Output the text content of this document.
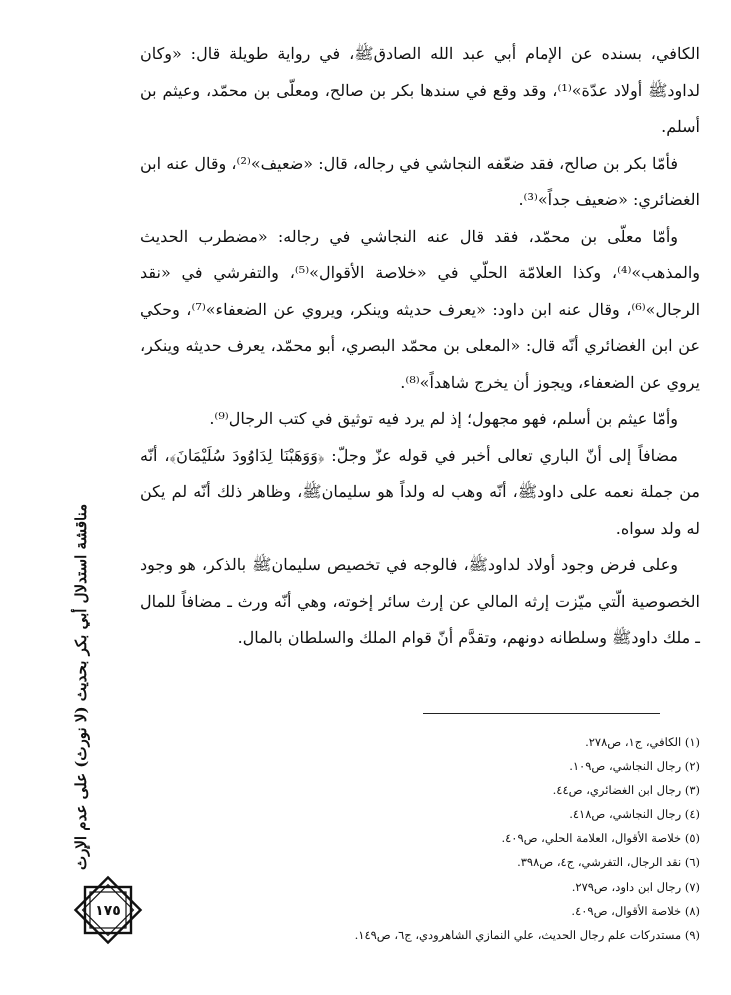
الكافي، بسنده عن الإمام أبي عبد الله الصادق‏ﷺ، في رواية طويلة قال: «وكان لداود‏ﷺ أولاد عدّة»⁽¹⁾، وقد وقع في سندها بكر بن صالح، ومعلّى بن محمّد، وعيثم بن أسلم.

فأمّا بكر بن صالح، فقد ضعّفه النجاشي في رجاله، قال: «ضعيف»⁽²⁾، وقال عنه ابن الغضائري: «ضعيف جداً»⁽³⁾.

وأمّا معلّى بن محمّد، فقد قال عنه النجاشي في رجاله: «مضطرب الحديث والمذهب»⁽⁴⁾، وكذا العلامّة الحلّي في «خلاصة الأقوال»⁽⁵⁾، والتفرشي في «نقد الرجال»⁽⁶⁾، وقال عنه ابن داود: «يعرف حديثه وينكر، ويروي عن الضعفاء»⁽⁷⁾، وحكي عن ابن الغضائري أنّه قال: «المعلى بن محمّد البصري، أبو محمّد، يعرف حديثه وينكر، يروي عن الضعفاء، ويجوز أن يخرج شاهداً»⁽⁸⁾.

وأمّا عيثم بن أسلم، فهو مجهول؛ إذ لم يرد فيه توثيق في كتب الرجال⁽⁹⁾.

مضافاً إلى أنّ الباري تعالى أخبر في قوله عزّ وجلّ: ﴿وَوَهَبْنَا لِدَاوُودَ سُلَيْمَانَ﴾، أنّه من جملة نعمه على داود‏ﷺ، أنّه وهب له ولداً هو سليمان‏ﷺ، وظاهر ذلك أنّه لم يكن له ولد سواه.

وعلى فرض وجود أولاد لداود‏ﷺ، فالوجه في تخصيص سليمان‏ﷺ بالذكر، هو وجود الخصوصية الّتي ميّزت إرثه المالي عن إرث سائر إخوته، وهي أنّه ورث ـ مضافاً للمال ـ ملك داود‏ﷺ وسلطانه دونهم، وتقدَّم أنّ قوام الملك والسلطان بالمال.

(١) الكافي، ج١، ص٢٧٨.

(٢) رجال النجاشي، ص١٠٩.

(٣) رجال ابن الغضائري، ص٤٤.

(٤) رجال النجاشي، ص٤١٨.

(٥) خلاصة الأقوال، العلامة الحلي، ص٤٠٩.

(٦) نقد الرجال، التفرشي، ج٤، ص٣٩٨.

(٧) رجال ابن داود، ص٢٧٩.

(٨) خلاصة الأقوال، ص٤٠٩.

(٩) مستدركات علم رجال الحديث، علي النمازي الشاهرودي، ج٦، ص١٤٩.

مناقشة استدلال أبي بكر بحديث (لا نورث) على عدم الإرث
١٧٥
